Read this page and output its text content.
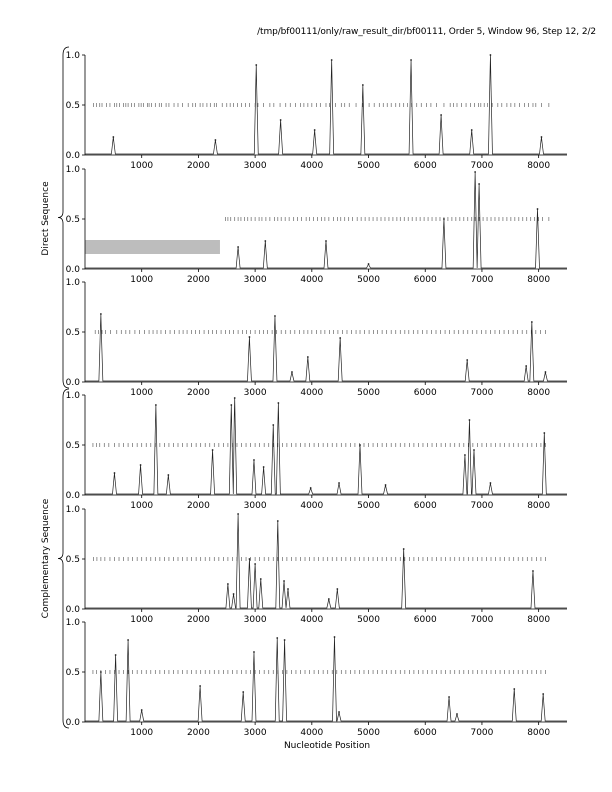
/tmp/bf00111/only/raw_result_dir/bf00111, Order 5, Window 96, Step 12, 2/2
0.0
0.5
1.0
1000	2000	3000	4000	5000	6000	7000	8000
0.0
0.5
1.0
1000	2000	3000	4000	5000	6000	7000	8000
0.0
0.5
1.0
1000	2000	3000	4000	5000	6000	7000	8000
0.0
0.5
1.0
1000	2000	3000	4000	5000	6000	7000	8000
0.0
0.5
1.0
1000	2000	3000	4000	5000	6000	7000	8000
0.0
0.5
1.0
1000	2000	3000	4000	5000	6000	7000	8000
Direct Sequence
Complementary Sequence
Nucleotide Position
